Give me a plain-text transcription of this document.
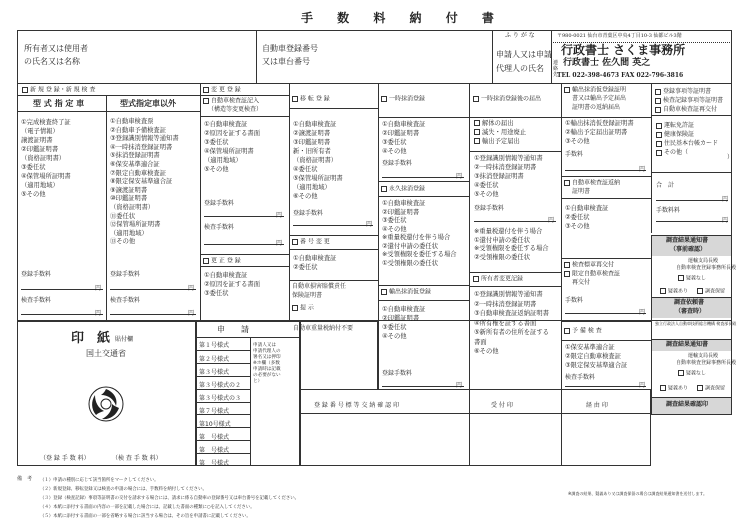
手 数 料 納 付 書
所有者又は使用者
の氏名又は名称
自動車登録番号
又は車台番号
ふ り が な
申請人又は申請
代理人の氏名
〒980-0021 仙台市青葉区中央4丁目10-3 仙都ビル3階
行政書士 さくま事務所
行政書士 佐久間 英之
連絡先
TEL 022-398-4673 FAX 022-796-3816
新 規 登 録・新 規 検 査
型 式 指 定 車	型式指定車以外
①完成検査終了証
（電子情報）
譲渡証明書
②印鑑証明書
（資格証明書）
③委任状
④保管場所証明書
（適用地域）
⑤その他
①自動車検査票
②自動車予備検査証
③登録識別情報等通知書
④一時抹消登録証明書
⑤抹消登録証明書
⑥保安基準適合証
⑦限定自動車検査証
⑧限定保安基準適合証
⑨譲渡証明書
⑩印鑑証明書
（資格証明書）
⑪委任状
⑫保管場所証明書
（適用地域）
⑬その他
登録手数料
円
検査手数料
円
登録手数料
円
検査手数料
円
変 更 登 録
自動車検査証記入
（構造等変更検査）
①自動車検査証
②原因を証する書面
③委任状
④保管場所証明書
（適用地域）
⑤その他
登録手数料
円
検査手数料
円
更 正 登 録
①自動車検査証
②原因を証する書面
③委任状
移 転 登 録
①自動車検査証
②譲渡証明書
③印鑑証明書
新・旧所有者
（資格証明書）
④委任状
⑤保管場所証明書
（適用地域）
⑥その他
登録手数料
円
番 号 変 更
①自動車検査証
②委任状
自動車損害賠償責任
保険証明書
提 示
自動車重量税納付不要
一時抹消登録
①自動車検査証
②印鑑証明書
③委任状
④その他
登録手数料
円
永久抹消登録
①自動車検査証
②印鑑証明書
③委任状
④その他
※重量税還付を伴う場合
②還付申請の委任状
※受領権限を委任する場合
①受領権限の委任状
輸出抹消仮登録
①自動車検査証
②印鑑証明書
③委任状
④その他
登録手数料
円
一時抹消登録後の届出
解体の届出
滅失・用途廃止
輸出予定届出
①登録識別情報等通知書
②一時抹消登録証明書
③抹消登録証明書
④委任状
⑤その他
登録手数料
円
※重量税還付を伴う場合
①還付申請の委任状
※受領権限を委任する場合
②受領権限の委任状
所有者変更記録
①登録識別情報等通知書
②一時抹消登録証明書
③自動車検査証返納証明書
④所有権を証する書面
⑤新所有者の住所を証する
書面
⑥その他
輸出抹消仮登録証明
書又は輸出予定届出
証明書の返納届出
①輸出抹消仮登録証明書
②輸出予定届出証明書
③その他
手数料
円
自動車検査証返納
証明書
①自動車検査証
②委任状
③その他
検査標章再交付
限定自動車検査証
再交付
手数料
円
予 備 検 査
①保安基準適合証
②限定自動車検査証
③限定保安基準適合証
検査手数料
円
登録事項等証明書
検査記録事項等証明書
自動車検査証再交付
運転免許証
健康保険証
住民基本台帳カード
その他（
）
合　計
円
手数料料
円
調査結果通知書
（事前確認）
運輸支局長殿
自動車検査登録事務所長殿
疑義なし
疑義あり	調査保留
調査依頼書
（審査時）
独立行政法人自動車技術総合機構 検査部長殿
調査結果通知書
運輸支局長殿
自動車検査登録事務所長殿
疑義なし
疑義あり	調査保留
調査結果確認印
印　紙 貼付欄
国土交通省
（登 録 手 数 料）	（検 査 手 数 料）
申　　請
第１号様式
第２号様式
第３号様式
第３号様式の２
第３号様式の３
第７号様式
第10号様式
第　号様式
第　号様式
第　号様式
申請人又は
申請代理人の
署名又は押印
※ホ欄（多数
申請時は記載
の必要がない
と）
登 録 番 号 標 等 交 納 確 認 印	受 付 印	経 由 印
備　考 （１）申請の種別に応じて該当箇所をマークしてください。
（２）新規登録、移転登録又は検査の申請の場合には、手数料を納付してください。
（３）登録（検査記録）事項等証明書の交付を請求する場合には、請求に係る自動車の登録番号又は車台番号を記載してください。
（４）本紙に添付する書面の内容の一部を記載した場合には、記載した書面の種類に○を記入してください。
（５）本紙に添付する書面の一部を省略する場合に該当する場合は、その旨を申請書に記載してください。
※調査の結果、疑義あり又は調査保留の場合は調査結果通知書を送付します。
